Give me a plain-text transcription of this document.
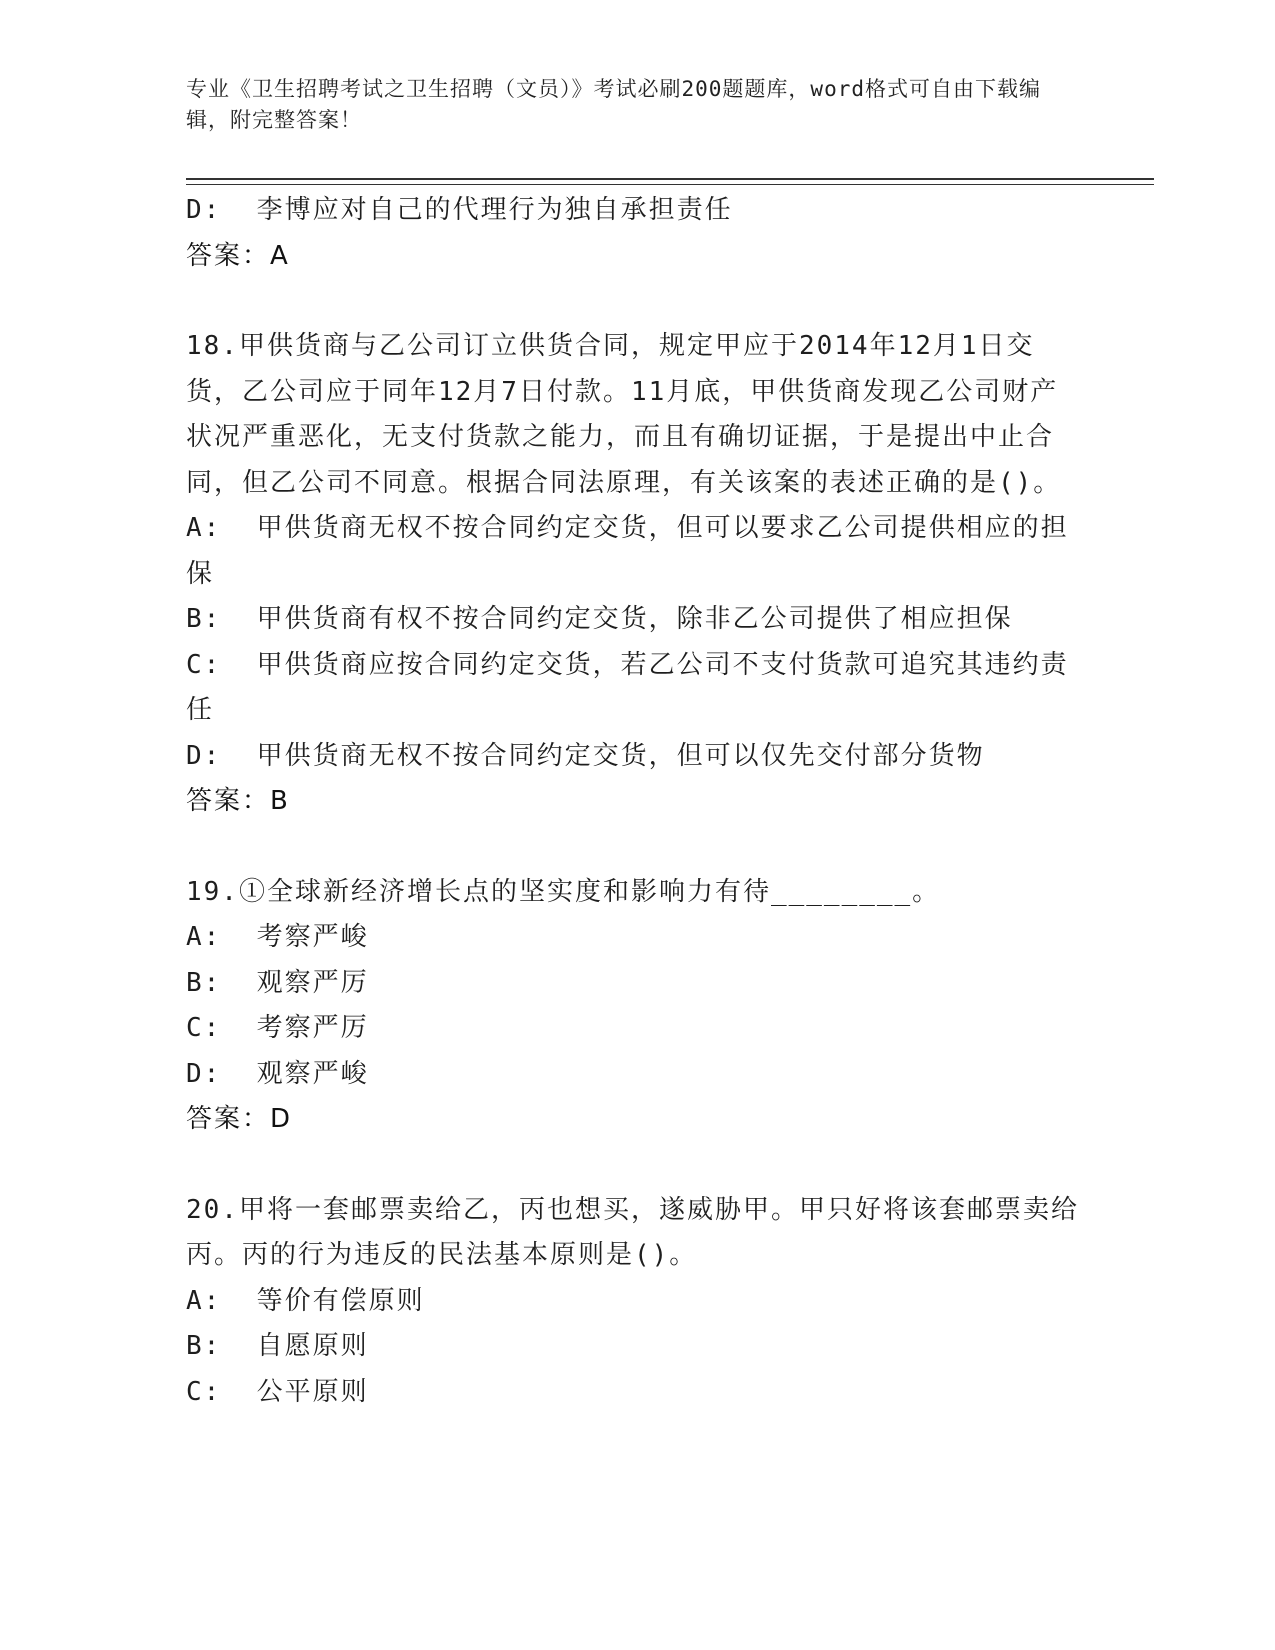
专业《卫生招聘考试之卫生招聘（文员）》考试必刷200题题库，word格式可自由下载编辑，附完整答案！
D:  李博应对自己的代理行为独自承担责任
答案：A
18.甲供货商与乙公司订立供货合同，规定甲应于2014年12月1日交货，乙公司应于同年12月7日付款。11月底，甲供货商发现乙公司财产状况严重恶化，无支付货款之能力，而且有确切证据，于是提出中止合同，但乙公司不同意。根据合同法原理，有关该案的表述正确的是()。
A:  甲供货商无权不按合同约定交货，但可以要求乙公司提供相应的担保
B:  甲供货商有权不按合同约定交货，除非乙公司提供了相应担保
C:  甲供货商应按合同约定交货，若乙公司不支付货款可追究其违约责任
D:  甲供货商无权不按合同约定交货，但可以仅先交付部分货物
答案：B
19.①全球新经济增长点的坚实度和影响力有待________。
A:  考察严峻
B:  观察严厉
C:  考察严厉
D:  观察严峻
答案：D
20.甲将一套邮票卖给乙，丙也想买，遂威胁甲。甲只好将该套邮票卖给丙。丙的行为违反的民法基本原则是()。
A:  等价有偿原则
B:  自愿原则
C:  公平原则
